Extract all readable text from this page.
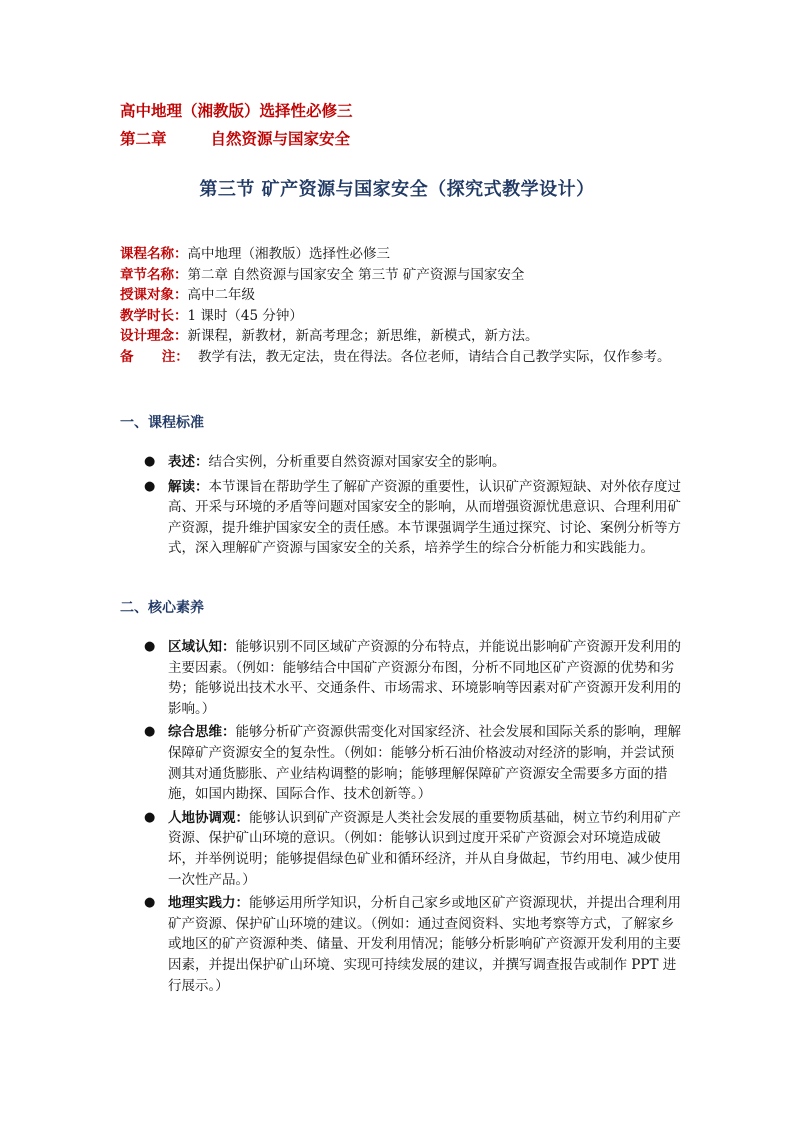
高中地理（湘教版）选择性必修三
第二章	自然资源与国家安全
第三节 矿产资源与国家安全（探究式教学设计）
课程名称： 高中地理（湘教版）选择性必修三
章节名称： 第二章 自然资源与国家安全 第三节 矿产资源与国家安全
授课对象： 高中二年级
教学时长： 1 课时（45 分钟）
设计理念： 新课程，新教材，新高考理念；新思维，新模式，新方法。
备      注： 教学有法，教无定法，贵在得法。各位老师，请结合自己教学实际，仅作参考。
一、课程标准
● 表述：结合实例，分析重要自然资源对国家安全的影响。
● 解读：本节课旨在帮助学生了解矿产资源的重要性，认识矿产资源短缺、对外依存度过高、开采与环境的矛盾等问题对国家安全的影响，从而增强资源忧患意识、合理利用矿产资源，提升维护国家安全的责任感。本节课强调学生通过探究、讨论、案例分析等方式，深入理解矿产资源与国家安全的关系，培养学生的综合分析能力和实践能力。
二、核心素养
● 区域认知：能够识别不同区域矿产资源的分布特点，并能说出影响矿产资源开发利用的主要因素。（例如：能够结合中国矿产资源分布图，分析不同地区矿产资源的优势和劣势；能够说出技术水平、交通条件、市场需求、环境影响等因素对矿产资源开发利用的影响。）
● 综合思维：能够分析矿产资源供需变化对国家经济、社会发展和国际关系的影响，理解保障矿产资源安全的复杂性。（例如：能够分析石油价格波动对经济的影响，并尝试预测其对通货膨胀、产业结构调整的影响；能够理解保障矿产资源安全需要多方面的措施，如国内勘探、国际合作、技术创新等。）
● 人地协调观：能够认识到矿产资源是人类社会发展的重要物质基础，树立节约利用矿产资源、保护矿山环境的意识。（例如：能够认识到过度开采矿产资源会对环境造成破坏，并举例说明；能够提倡绿色矿业和循环经济，并从自身做起，节约用电、减少使用一次性产品。）
● 地理实践力：能够运用所学知识，分析自己家乡或地区矿产资源现状，并提出合理利用矿产资源、保护矿山环境的建议。（例如：通过查阅资料、实地考察等方式，了解家乡或地区的矿产资源种类、储量、开发利用情况；能够分析影响矿产资源开发利用的主要因素，并提出保护矿山环境、实现可持续发展的建议，并撰写调查报告或制作 PPT 进行展示。）
